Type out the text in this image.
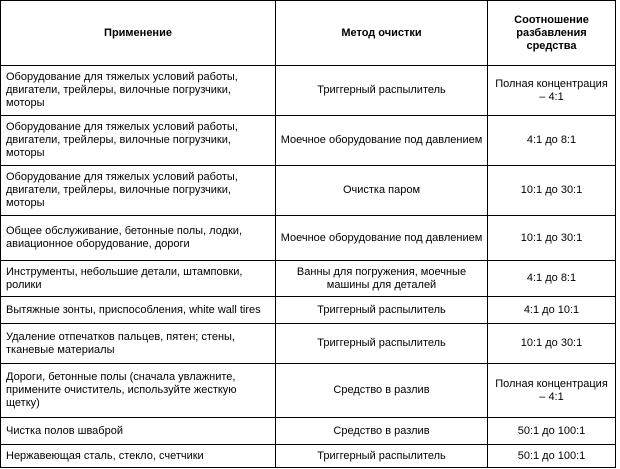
Применение	Метод очистки	Соотношение разбавления средства
Оборудование для тяжелых условий работы, двигатели, трейлеры, вилочные погрузчики, моторы	Триггерный распылитель	Полная концентрация – 4:1
Оборудование для тяжелых условий работы, двигатели, трейлеры, вилочные погрузчики, моторы	Моечное оборудование под давлением	4:1 до 8:1
Оборудование для тяжелых условий работы, двигатели, трейлеры, вилочные погрузчики, моторы	Очистка паром	10:1 до 30:1
Общее обслуживание, бетонные полы, лодки, авиационное оборудование, дороги	Моечное оборудование под давлением	10:1 до 30:1
Инструменты, небольшие детали, штамповки, ролики	Ванны для погружения, моечные машины для деталей	4:1 до 8:1
Вытяжные зонты, приспособления, white wall tires	Триггерный распылитель	4:1 до 10:1
Удаление отпечатков пальцев, пятен; стены, тканевые материалы	Триггерный распылитель	10:1 до 30:1
Дороги, бетонные полы (сначала увлажните, примените очиститель, используйте жесткую щетку)	Средство в разлив	Полная концентрация – 4:1
Чистка полов шваброй	Средство в разлив	50:1 до 100:1
Нержавеющая сталь, стекло, счетчики	Триггерный распылитель	50:1 до 100:1
